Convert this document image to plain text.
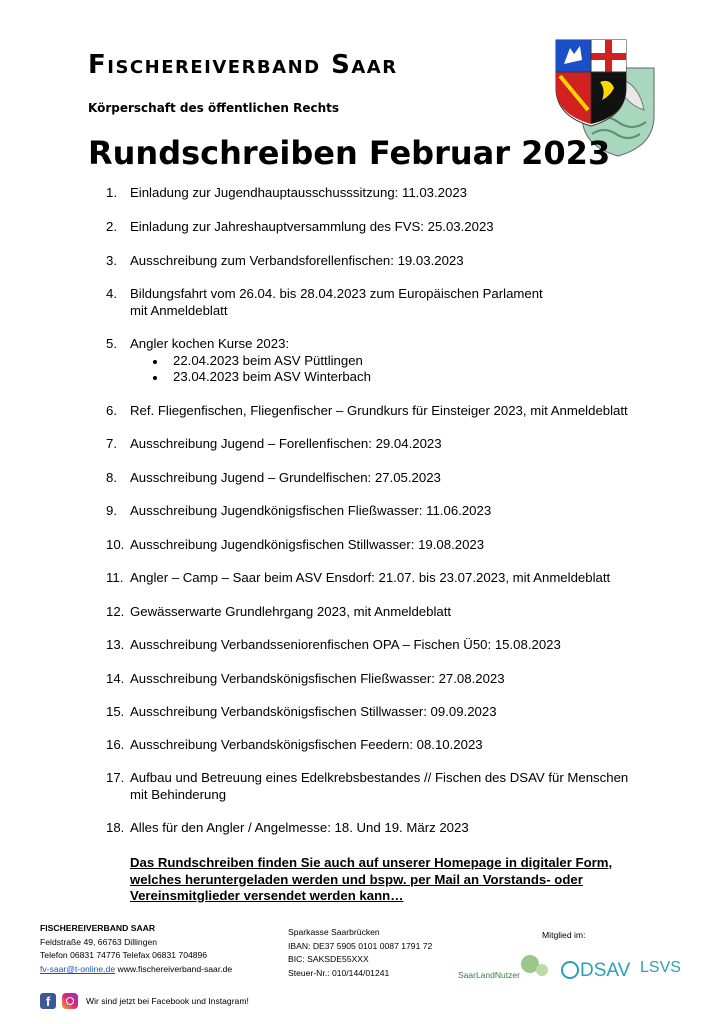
Fischereiverband Saar
Körperschaft des öffentlichen Rechts
Rundschreiben Februar 2023
1. Einladung zur Jugendhauptausschusssitzung: 11.03.2023
2. Einladung zur Jahreshauptversammlung des FVS: 25.03.2023
3. Ausschreibung zum Verbandsforellenfischen: 19.03.2023
4. Bildungsfahrt vom 26.04. bis 28.04.2023 zum Europäischen Parlament
mit Anmeldeblatt
5. Angler kochen Kurse 2023:
22.04.2023 beim ASV Püttlingen
23.04.2023 beim ASV Winterbach
6. Ref. Fliegenfischen, Fliegenfischer – Grundkurs für Einsteiger 2023, mit Anmeldeblatt
7. Ausschreibung Jugend – Forellenfischen: 29.04.2023
8. Ausschreibung Jugend – Grundelfischen: 27.05.2023
9. Ausschreibung Jugendkönigsfischen Fließwasser: 11.06.2023
10. Ausschreibung Jugendkönigsfischen Stillwasser: 19.08.2023
11. Angler – Camp – Saar beim ASV Ensdorf: 21.07. bis 23.07.2023, mit Anmeldeblatt
12. Gewässerwarte Grundlehrgang 2023, mit Anmeldeblatt
13. Ausschreibung Verbandsseniorenfischen OPA – Fischen Ü50: 15.08.2023
14. Ausschreibung Verbandskönigsfischen Fließwasser: 27.08.2023
15. Ausschreibung Verbandskönigsfischen Stillwasser: 09.09.2023
16. Ausschreibung Verbandskönigsfischen Feedern: 08.10.2023
17. Aufbau und Betreuung eines Edelkrebsbestandes // Fischen des DSAV für Menschen
mit Behinderung
18. Alles für den Angler / Angelmesse: 18. Und 19. März 2023
Das Rundschreiben finden Sie auch auf unserer Homepage in digitaler Form, welches heruntergeladen werden und bspw. per Mail an Vorstands- oder Vereinsmitglieder versendet werden kann…
FISCHEREIVERBAND SAAR
Feldstraße 49, 66763 Dillingen
Telefon 06831 74776 Telefax 06831 704896
fv-saar@t-online.de www.fischereiverband-saar.de
Sparkasse Saarbrücken
IBAN: DE37 5905 0101 0087 1791 72
BIC: SAKSDE55XXX
Steuer-Nr.: 010/144/01241
Mitglied im:
SaarLandNutzer	DSAV LSVS
f	Wir sind jetzt bei Facebook und Instagram!
